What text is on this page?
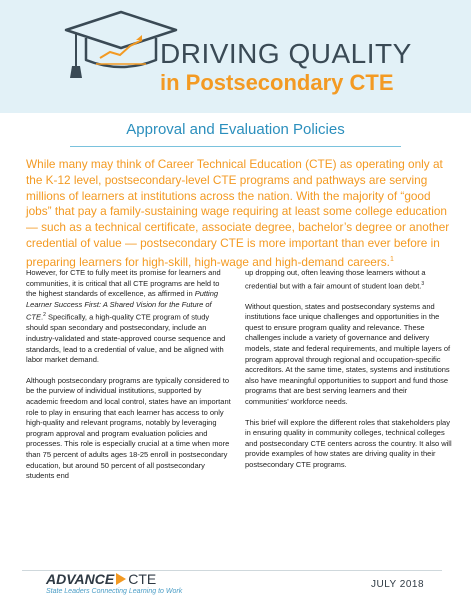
DRIVING QUALITY
in Postsecondary CTE
Approval and Evaluation Policies
While many may think of Career Technical Education (CTE) as operating only at the K-12 level, postsecondary-level CTE programs and pathways are serving millions of learners at institutions across the nation. With the majority of “good jobs” that pay a family-sustaining wage requiring at least some college education — such as a technical certificate, associate degree, bachelor’s degree or another credential of value — postsecondary CTE is more important than ever before in preparing learners for high-skill, high-wage and high-demand careers.$^1$

However, for CTE to fully meet its promise for learners and communities, it is critical that all CTE programs are held to the highest standards of excellence, as affirmed in Putting Learner Success First: A Shared Vision for the Future of CTE.$^2$ Specifically, a high-quality CTE program of study should span secondary and postsecondary, include an industry-validated and state-approved course sequence and standards, lead to a credential of value, and be aligned with labor market demand.

Although postsecondary programs are typically considered to be the purview of individual institutions, supported by academic freedom and local control, states have an important role to play in ensuring that each learner has access to only high-quality and relevant programs, notably by leveraging program approval and program evaluation policies and processes. This role is especially crucial at a time when more than 75 percent of adults ages 18-25 enroll in postsecondary education, but around 50 percent of all postsecondary students end

up dropping out, often leaving those learners without a credential but with a fair amount of student loan debt.$^3$

Without question, states and postsecondary systems and institutions face unique challenges and opportunities in the quest to ensure program quality and relevance. These challenges include a variety of governance and delivery models, state and federal requirements, and multiple layers of program approval through regional and occupation-specific accreditors. At the same time, states, systems and institutions also have meaningful opportunities to support and fund those programs that are best serving learners and their communities’ workforce needs.

This brief will explore the different roles that stakeholders play in ensuring quality in community colleges, technical colleges and postsecondary CTE centers across the country. It also will provide examples of how states are driving quality in their postsecondary CTE programs.

ADVANCE CTE
State Leaders Connecting Learning to Work
JULY 2018
